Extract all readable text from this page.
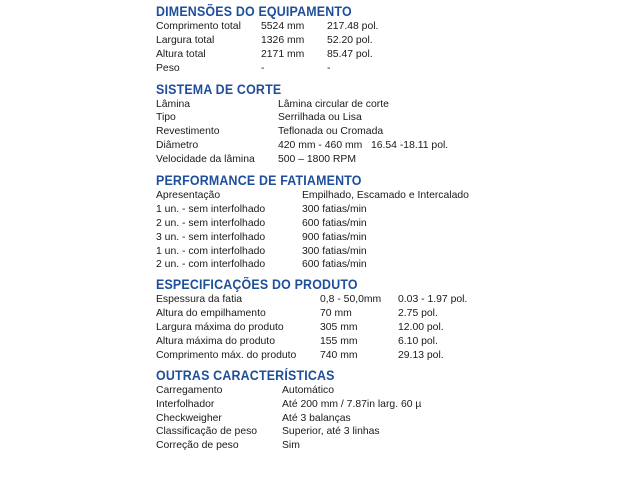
DIMENSÕES DO EQUIPAMENTO
Comprimento total	5524 mm	217.48 pol.
Largura total	1326 mm	52.20 pol.
Altura total	2171 mm	85.47 pol.
Peso	-	-
SISTEMA DE CORTE
Lâmina	Lâmina circular de corte
Tipo	Serrilhada ou Lisa
Revestimento	Teflonada ou Cromada
Diâmetro	420 mm - 460 mm   16.54 -18.11 pol.
Velocidade da lâmina	500 – 1800 RPM
PERFORMANCE DE FATIAMENTO
Apresentação	Empilhado, Escamado e Intercalado
1 un. - sem interfolhado	300 fatias/min
2 un. - sem interfolhado	600 fatias/min
3 un. - sem interfolhado	900 fatias/min
1 un. - com interfolhado	300 fatias/min
2 un. - com interfolhado	600 fatias/min
ESPECIFICAÇÕES DO PRODUTO
Espessura da fatia	0,8 - 50,0mm	0.03 - 1.97 pol.
Altura do empilhamento	70 mm	2.75 pol.
Largura máxima do produto	305 mm	12.00 pol.
Altura máxima do produto	155 mm	6.10 pol.
Comprimento máx. do produto	740 mm	29.13 pol.
OUTRAS CARACTERÍSTICAS
Carregamento	Automático
Interfolhador	Até 200 mm / 7.87in larg. 60 µ
Checkweigher	Até 3 balanças
Classificação de peso	Superior, até 3 linhas
Correção de peso	Sim
